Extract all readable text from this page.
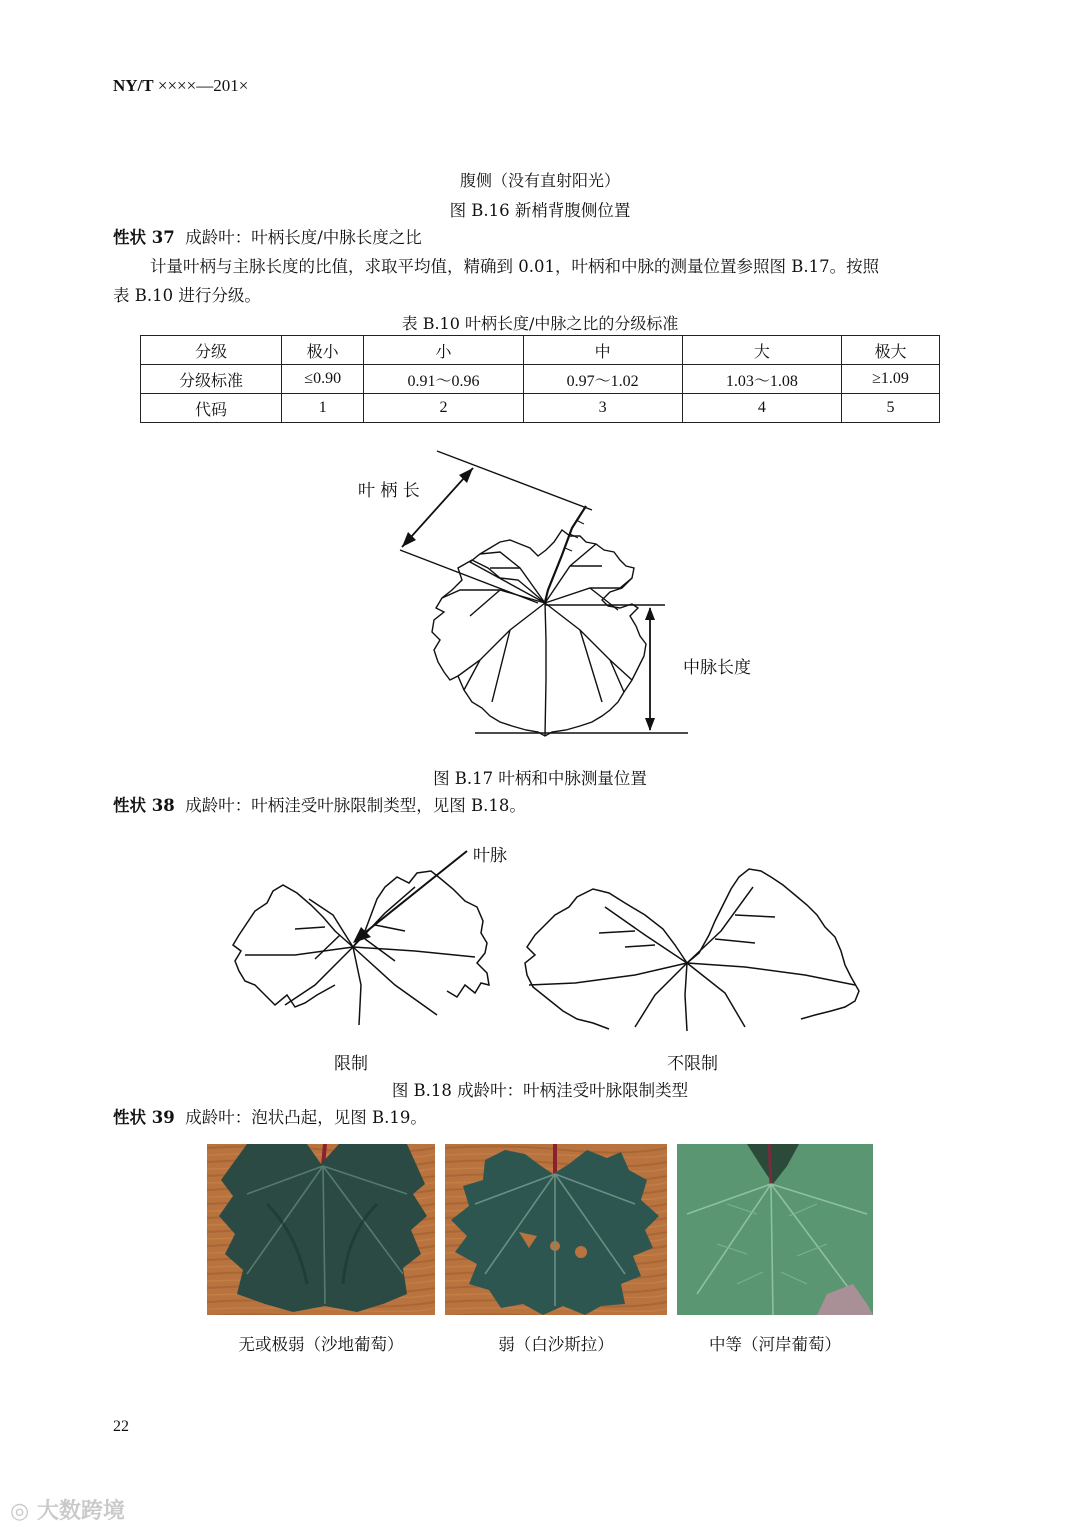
NY/T ××××—201×
腹侧（没有直射阳光）
图 B.16 新梢背腹侧位置
性状 37 成龄叶：叶柄长度/中脉长度之比
计量叶柄与主脉长度的比值，求取平均值，精确到 0.01，叶柄和中脉的测量位置参照图 B.17。按照
表 B.10 进行分级。
表 B.10 叶柄长度/中脉之比的分级标准
分级	极小	小	中	大	极大
分级标准	≤0.90	0.91～0.96	0.97～1.02	1.03～1.08	≥1.09
代码	1	2	3	4	5
叶 柄 长
中脉长度
图 B.17 叶柄和中脉测量位置
性状 38 成龄叶：叶柄洼受叶脉限制类型，见图 B.18。
叶脉
限制	不限制
图 B.18 成龄叶：叶柄洼受叶脉限制类型
性状 39 成龄叶：泡状凸起，见图 B.19。
无或极弱（沙地葡萄）	弱（白沙斯拉）	中等（河岸葡萄）
22
◎ 大数跨境
